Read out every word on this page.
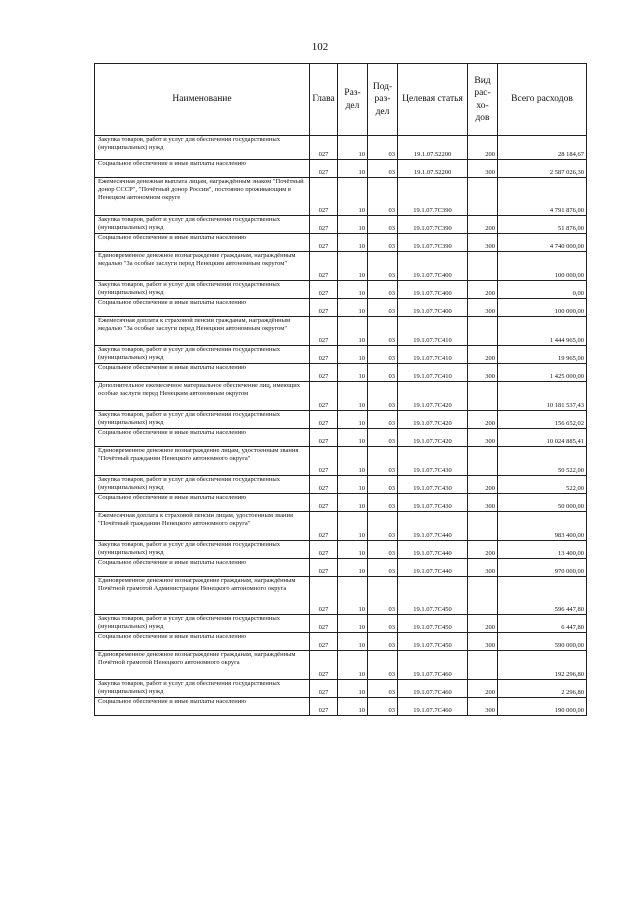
102
Наименование	Глава	Раз- дел	Под- раз- дел	Целевая статья	Вид рас- хо- дов	Всего расходов
Закупка товаров, работ и услуг для обеспечения государственных (муниципальных) нужд	027	10	03	19.1.07.52200	200	28 184,67
Социальное обеспечение и иные выплаты населению	027	10	03	19.1.07.52200	300	2 587 026,30
Ежемесячная денежная выплата лицам, награждённым знаком "Почётный донор СССР", "Почётный донор России", постоянно проживающим в Ненецком автономном округе	027	10	03	19.1.07.7С390		4 791 876,00
Закупка товаров, работ и услуг для обеспечения государственных (муниципальных) нужд	027	10	03	19.1.07.7С390	200	51 876,00
Социальное обеспечение и иные выплаты населению	027	10	03	19.1.07.7С390	300	4 740 000,00
Единовременное денежное вознаграждение гражданам, награждённым медалью "За особые заслуги перед Ненецким автономным округом"	027	10	03	19.1.07.7С400		100 000,00
Закупка товаров, работ и услуг для обеспечения государственных (муниципальных) нужд	027	10	03	19.1.07.7С400	200	0,00
Социальное обеспечение и иные выплаты населению	027	10	03	19.1.07.7С400	300	100 000,00
Ежемесячная доплата к страховой пенсии гражданам, награждённым медалью "За особые заслуги перед Ненецким автономным округом"	027	10	03	19.1.07.7С410		1 444 965,00
Закупка товаров, работ и услуг для обеспечения государственных (муниципальных) нужд	027	10	03	19.1.07.7С410	200	19 965,00
Социальное обеспечение и иные выплаты населению	027	10	03	19.1.07.7С410	300	1 425 000,00
Дополнительное ежемесячное материальное обеспечение лиц, имеющих особые заслуги перед Ненецким автономным округом	027	10	03	19.1.07.7С420		10 181 537,43
Закупка товаров, работ и услуг для обеспечения государственных (муниципальных) нужд	027	10	03	19.1.07.7С420	200	156 652,02
Социальное обеспечение и иные выплаты населению	027	10	03	19.1.07.7С420	300	10 024 885,41
Единовременное денежное вознаграждение лицам, удостоенным звания "Почётный гражданин Ненецкого автономного округа"	027	10	03	19.1.07.7С430		50 522,00
Закупка товаров, работ и услуг для обеспечения государственных (муниципальных) нужд	027	10	03	19.1.07.7С430	200	522,00
Социальное обеспечение и иные выплаты населению	027	10	03	19.1.07.7С430	300	50 000,00
Ежемесячная доплата к страховой пенсии лицам, удостоенным звания "Почётный гражданин Ненецкого автономного округа"	027	10	03	19.1.07.7С440		983 400,00
Закупка товаров, работ и услуг для обеспечения государственных (муниципальных) нужд	027	10	03	19.1.07.7С440	200	13 400,00
Социальное обеспечение и иные выплаты населению	027	10	03	19.1.07.7С440	300	970 000,00
Единовременное денежное вознаграждение гражданам, награждённым Почётной грамотой Администрации Ненецкого автономного округа	027	10	03	19.1.07.7С450		596 447,80
Закупка товаров, работ и услуг для обеспечения государственных (муниципальных) нужд	027	10	03	19.1.07.7С450	200	6 447,80
Социальное обеспечение и иные выплаты населению	027	10	03	19.1.07.7С450	300	590 000,00
Единовременное денежное вознаграждение гражданам, награждённым Почётной грамотой Ненецкого автономного округа	027	10	03	19.1.07.7С460		192 296,80
Закупка товаров, работ и услуг для обеспечения государственных (муниципальных) нужд	027	10	03	19.1.07.7С460	200	2 296,80
Социальное обеспечение и иные выплаты населению	027	10	03	19.1.07.7С460	300	190 000,00
